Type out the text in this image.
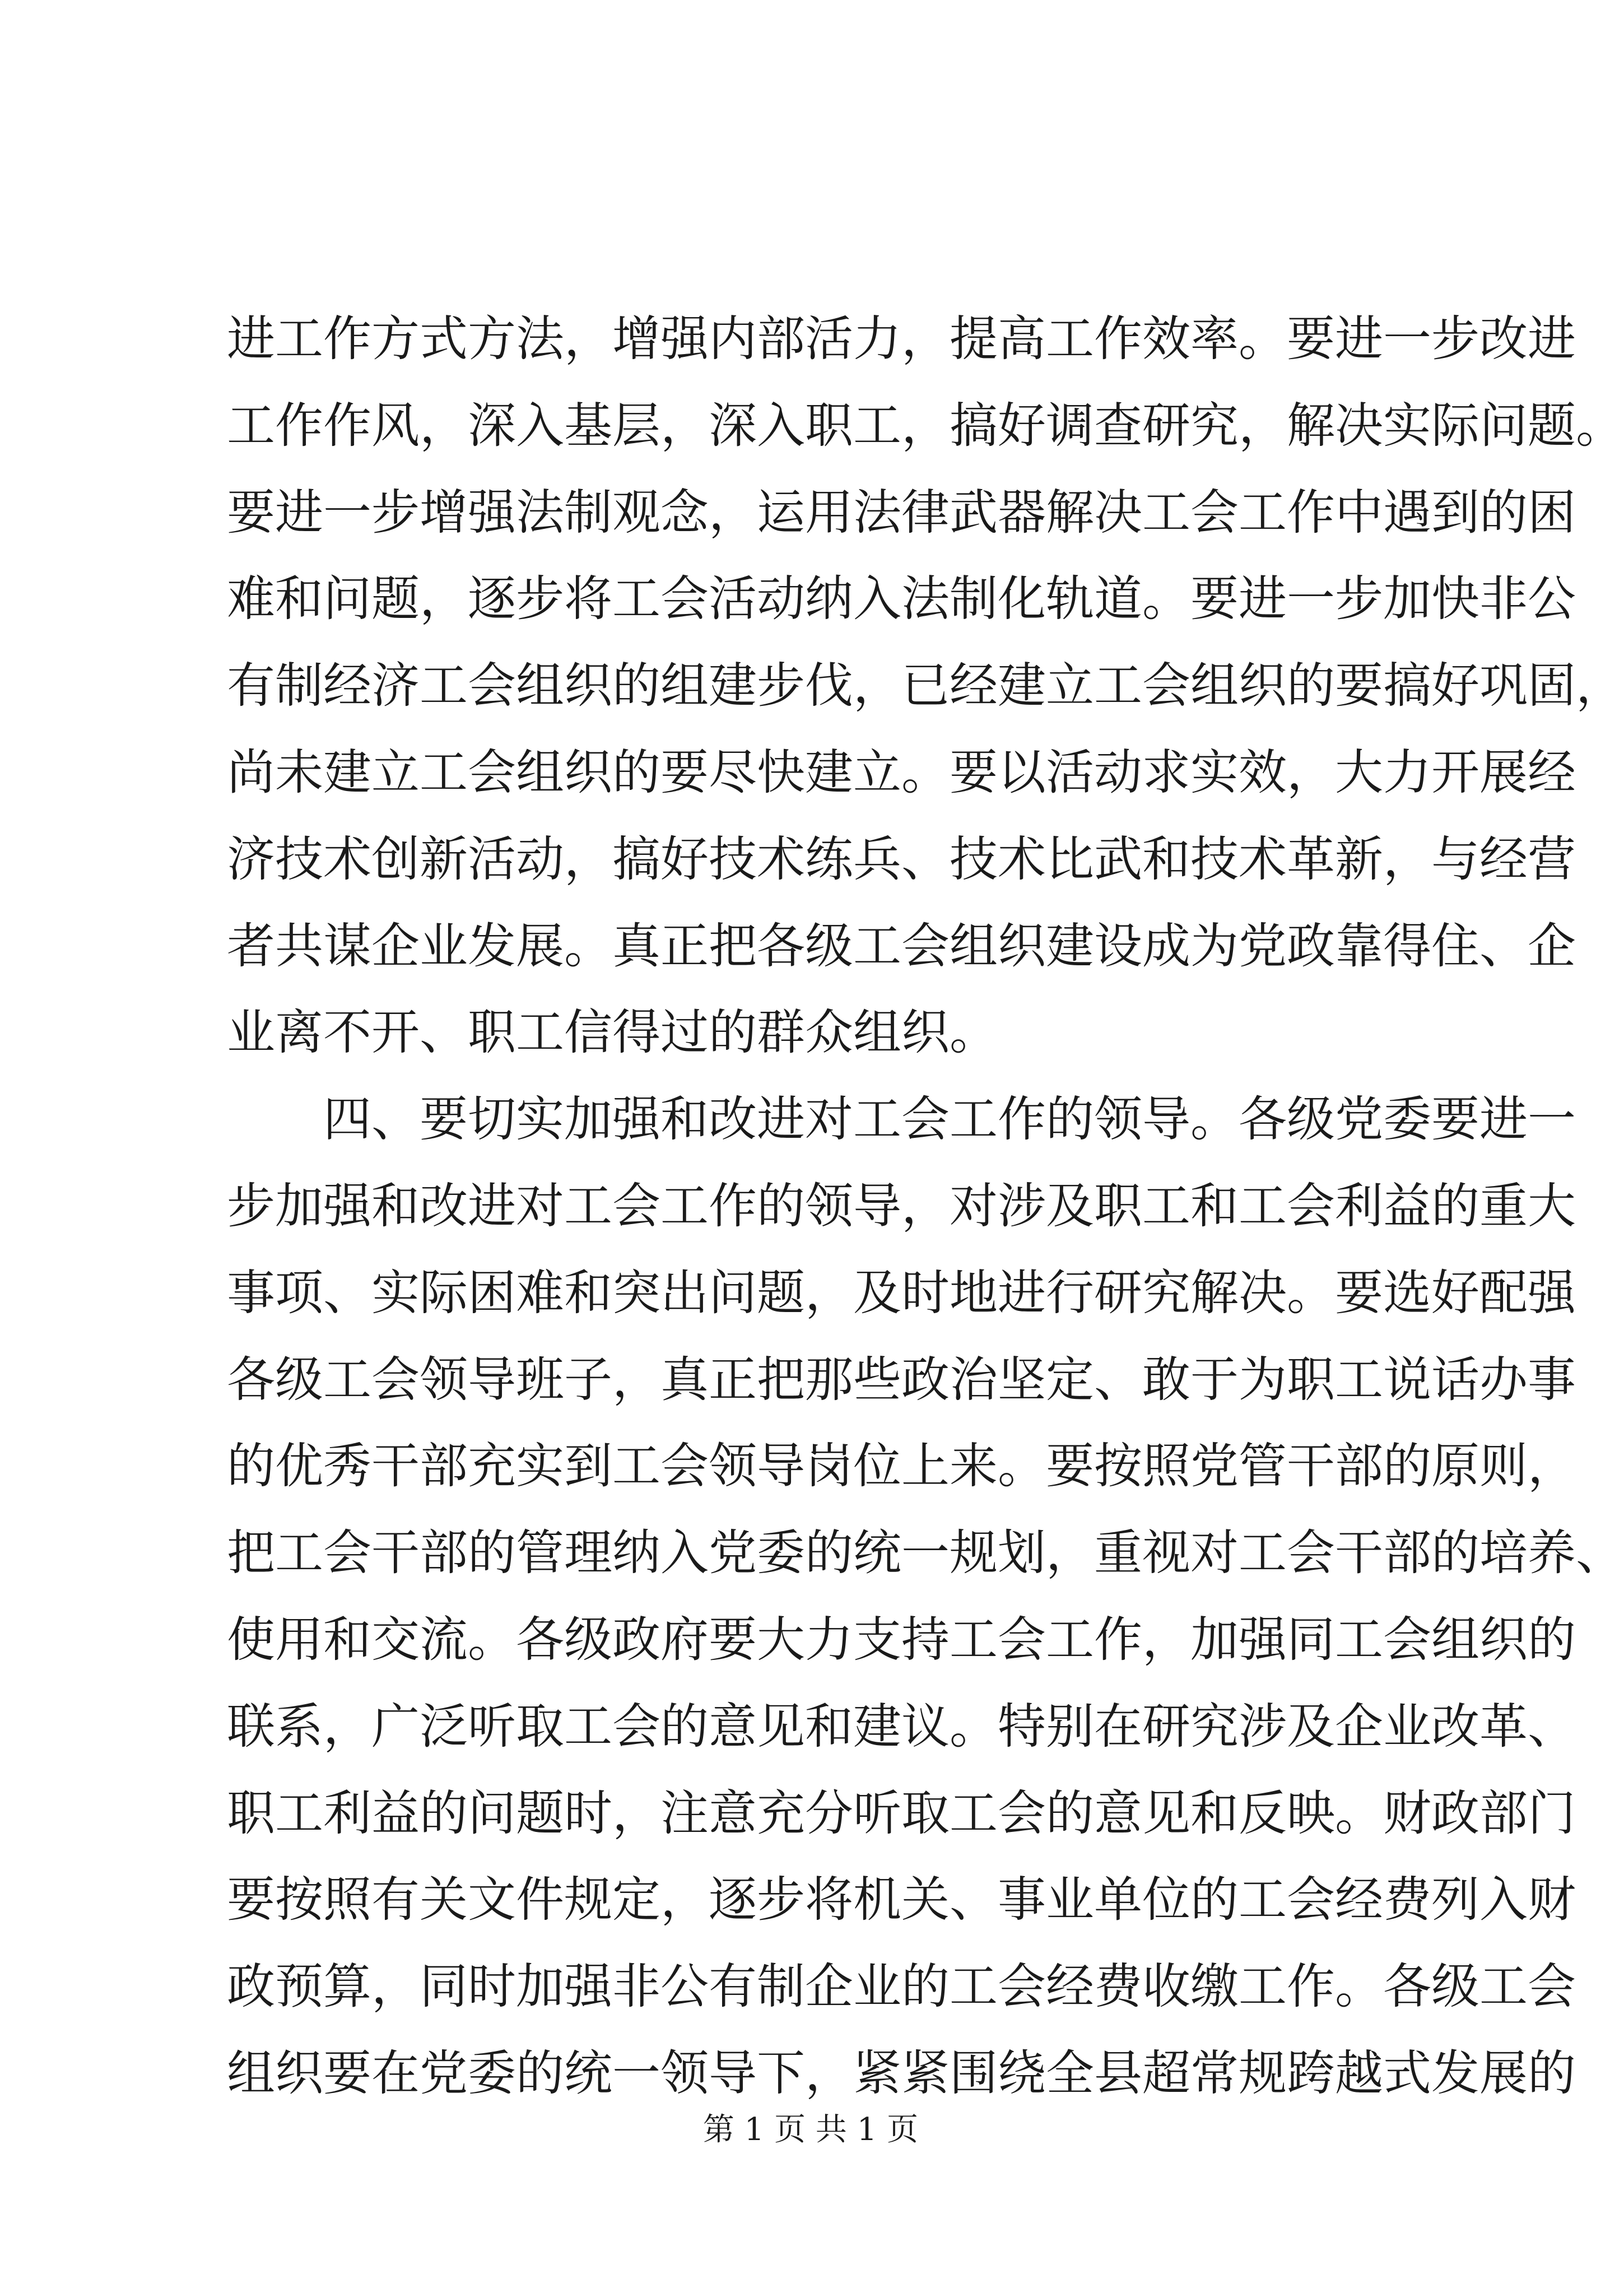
进工作方式方法，增强内部活力，提高工作效率。要进一步改进
工作作风，深入基层，深入职工，搞好调查研究，解决实际问题。
要进一步增强法制观念，运用法律武器解决工会工作中遇到的困
难和问题，逐步将工会活动纳入法制化轨道。要进一步加快非公
有制经济工会组织的组建步伐，已经建立工会组织的要搞好巩固，
尚未建立工会组织的要尽快建立。要以活动求实效，大力开展经
济技术创新活动，搞好技术练兵、技术比武和技术革新，与经营
者共谋企业发展。真正把各级工会组织建设成为党政靠得住、企
业离不开、职工信得过的群众组织。
四、要切实加强和改进对工会工作的领导。各级党委要进一
步加强和改进对工会工作的领导，对涉及职工和工会利益的重大
事项、实际困难和突出问题，及时地进行研究解决。要选好配强
各级工会领导班子，真正把那些政治坚定、敢于为职工说话办事
的优秀干部充实到工会领导岗位上来。要按照党管干部的原则，
把工会干部的管理纳入党委的统一规划，重视对工会干部的培养、
使用和交流。各级政府要大力支持工会工作，加强同工会组织的
联系，广泛听取工会的意见和建议。特别在研究涉及企业改革、
职工利益的问题时，注意充分听取工会的意见和反映。财政部门
要按照有关文件规定，逐步将机关、事业单位的工会经费列入财
政预算，同时加强非公有制企业的工会经费收缴工作。各级工会
组织要在党委的统一领导下，紧紧围绕全县超常规跨越式发展的
第 1 页 共 1 页
